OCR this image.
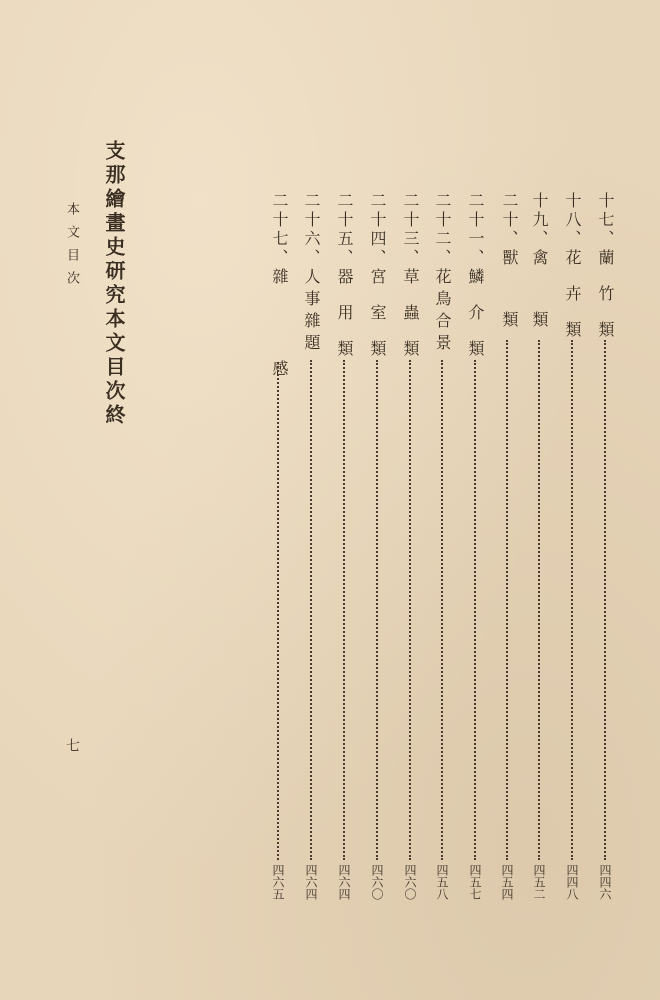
支那繪畫史研究本文目次終
本文目次
七
十七、蘭竹類
四四六
十八、花卉類
四四八
十九、禽類
四五二
二十、獸類
四五四
二十一、鱗介類
四五七
二十二、花鳥合景
四五八
二十三、草蟲類
四六〇
二十四、宮室類
四六〇
二十五、器用類
四六四
二十六、人事雜題
四六四
二十七、雜感
四六五
